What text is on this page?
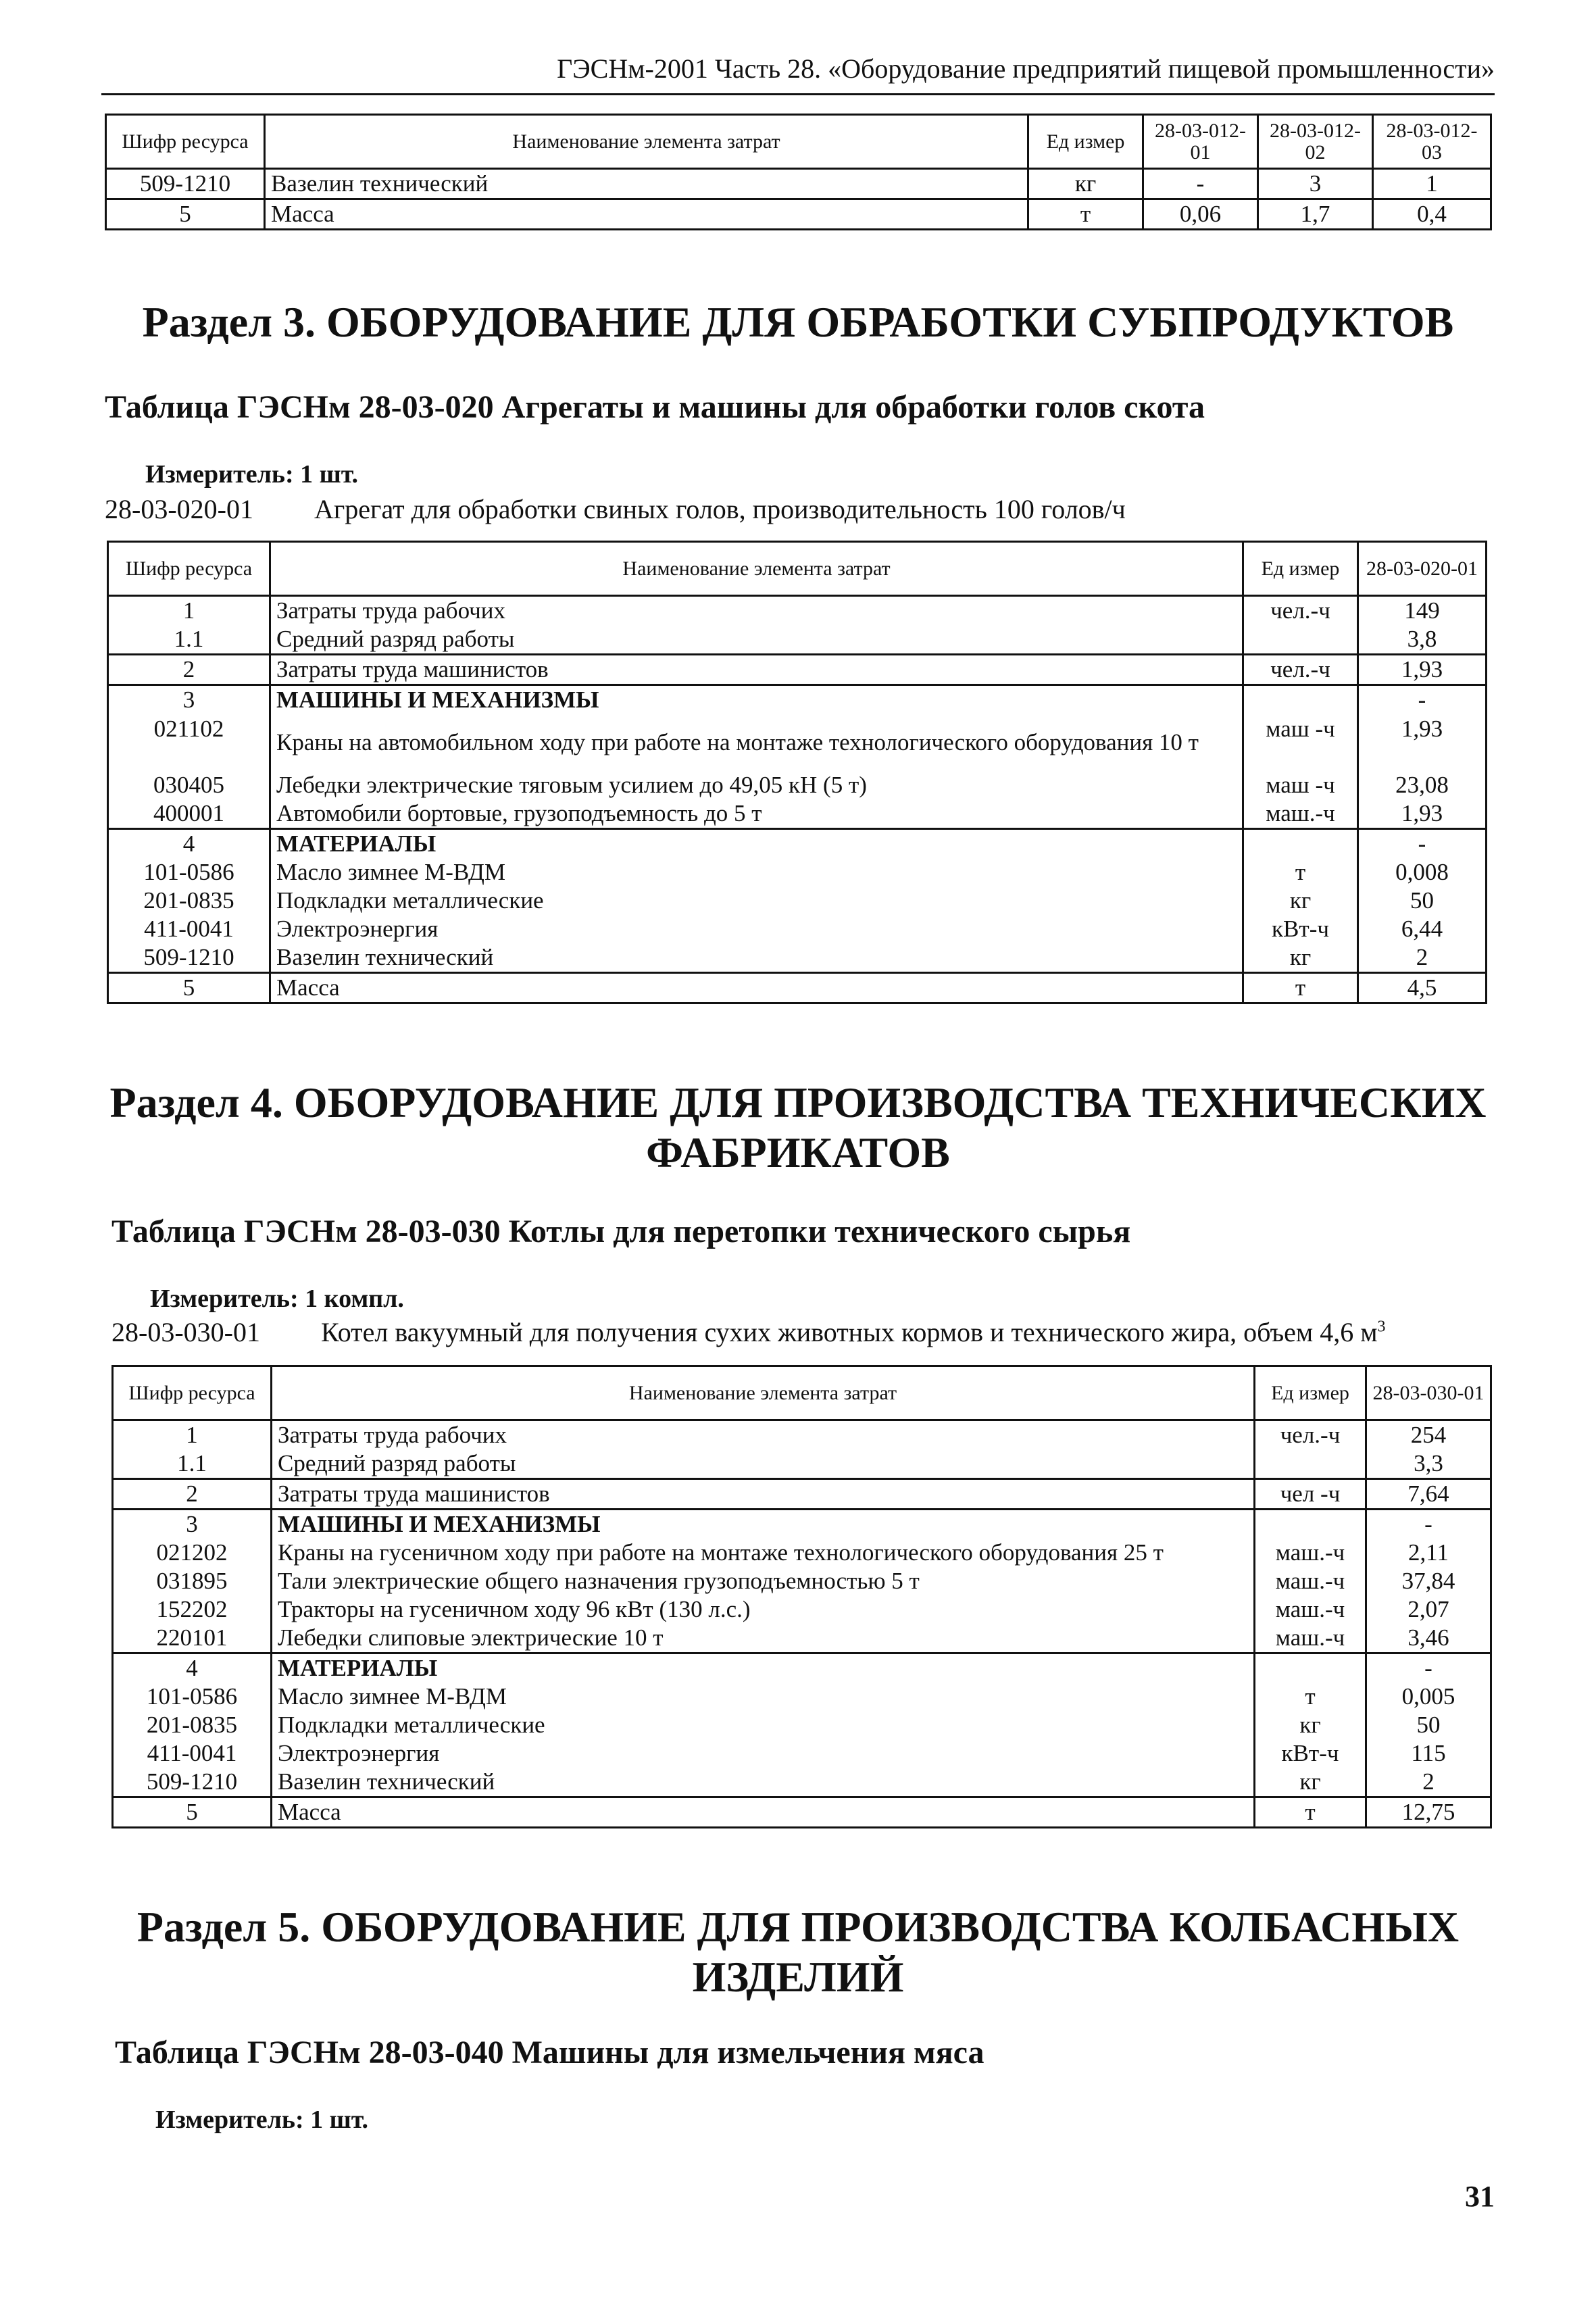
ГЭСНм-2001 Часть 28. «Оборудование предприятий пищевой промышленности»
Шифр ресурса	Наименование элемента затрат	Ед измер	28-03-012-01	28-03-012-02	28-03-012-03
509-1210	Вазелин технический	кг	-	3	1
5	Масса	т	0,06	1,7	0,4
Раздел 3. ОБОРУДОВАНИЕ ДЛЯ ОБРАБОТКИ СУБПРОДУКТОВ
Таблица ГЭСНм 28-03-020 Агрегаты и машины для обработки голов скота
Измеритель: 1 шт.
28-03-020-01 Агрегат для обработки свиных голов, производительность 100 голов/ч
Шифр ресурса	Наименование элемента затрат	Ед измер	28-03-020-01
1	Затраты труда рабочих	чел.-ч	149
1.1	Средний разряд работы		3,8
2	Затраты труда машинистов	чел.-ч	1,93
3	МАШИНЫ И МЕХАНИЗМЫ		-
021102	Краны на автомобильном ходу при работе на монтаже технологического оборудования 10 т	маш -ч	1,93
030405	Лебедки электрические тяговым усилием до 49,05 кН (5 т)	маш -ч	23,08
400001	Автомобили бортовые, грузоподъемность до 5 т	маш.-ч	1,93
4	МАТЕРИАЛЫ		-
101-0586	Масло зимнее М-ВДМ	т	0,008
201-0835	Подкладки металлические	кг	50
411-0041	Электроэнергия	кВт-ч	6,44
509-1210	Вазелин технический	кг	2
5	Масса	т	4,5
Раздел 4. ОБОРУДОВАНИЕ ДЛЯ ПРОИЗВОДСТВА ТЕХНИЧЕСКИХ
ФАБРИКАТОВ
Таблица ГЭСНм 28-03-030 Котлы для перетопки технического сырья
Измеритель: 1 компл.
28-03-030-01 Котел вакуумный для получения сухих животных кормов и технического жира, объем 4,6 $м^3$
Шифр ресурса	Наименование элемента затрат	Ед измер	28-03-030-01
1	Затраты труда рабочих	чел.-ч	254
1.1	Средний разряд работы		3,3
2	Затраты труда машинистов	чел -ч	7,64
3	МАШИНЫ И МЕХАНИЗМЫ		-
021202	Краны на гусеничном ходу при работе на монтаже технологического оборудования 25 т	маш.-ч	2,11
031895	Тали электрические общего назначения грузоподъемностью 5 т	маш.-ч	37,84
152202	Тракторы на гусеничном ходу 96 кВт (130 л.с.)	маш.-ч	2,07
220101	Лебедки слиповые электрические 10 т	маш.-ч	3,46
4	МАТЕРИАЛЫ		-
101-0586	Масло зимнее М-ВДМ	т	0,005
201-0835	Подкладки металлические	кг	50
411-0041	Электроэнергия	кВт-ч	115
509-1210	Вазелин технический	кг	2
5	Масса	т	12,75
Раздел 5. ОБОРУДОВАНИЕ ДЛЯ ПРОИЗВОДСТВА КОЛБАСНЫХ
ИЗДЕЛИЙ
Таблица ГЭСНм 28-03-040 Машины для измельчения мяса
Измеритель: 1 шт.
31
